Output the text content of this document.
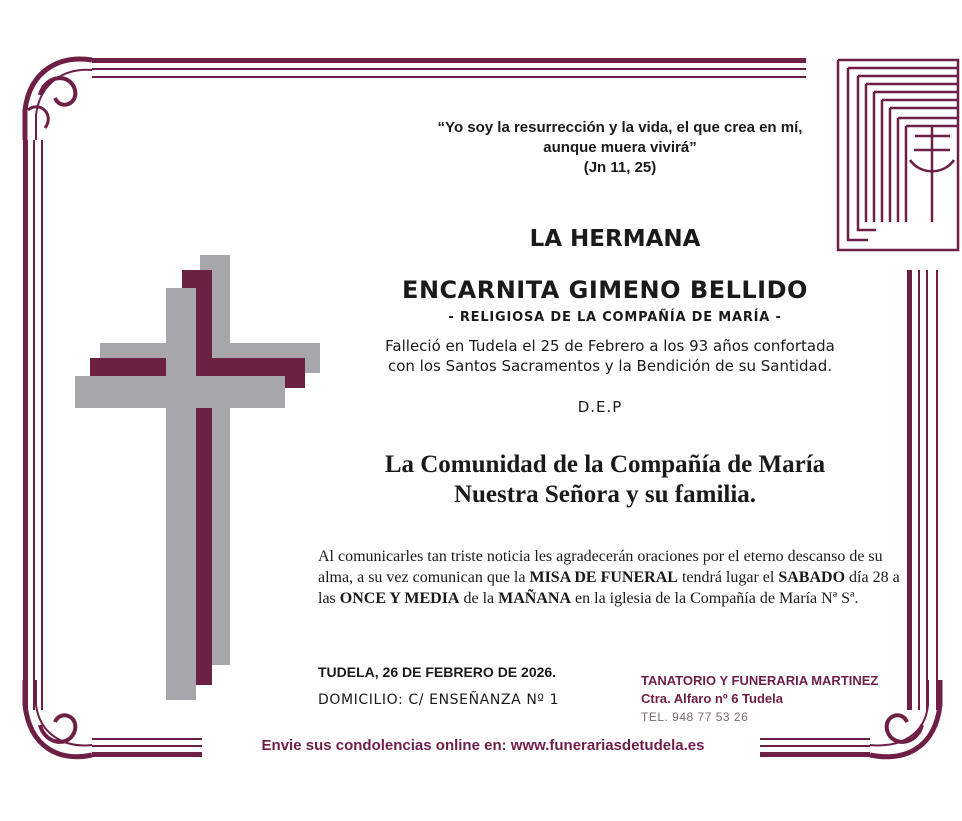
“Yo soy la resurrección y la vida, el que crea en mí,
aunque muera vivirá”
(Jn 11, 25)
LA HERMANA
ENCARNITA GIMENO BELLIDO
- RELIGIOSA DE LA COMPAÑÍA DE MARÍA -
Falleció en Tudela el 25 de Febrero a los 93 años confortada
con los Santos Sacramentos y la Bendición de su Santidad.
D.E.P
La Comunidad de la Compañía de María
Nuestra Señora y su familia.
Al comunicarles tan triste noticia les agradecerán oraciones por el eterno descanso de su alma, a su vez comunican que la MISA DE FUNERAL tendrá lugar el SABADO día 28 a las ONCE Y MEDIA de la MAÑANA en la iglesia de la Compañía de María Nª Sª.
TUDELA, 26 DE FEBRERO DE 2026.
DOMICILIO: C/ ENSEÑANZA Nº 1
TANATORIO Y FUNERARIA MARTINEZ
Ctra. Alfaro nº 6 Tudela
TEL. 948 77 53 26
Envie sus condolencias online en: www.funerariasdetudela.es
